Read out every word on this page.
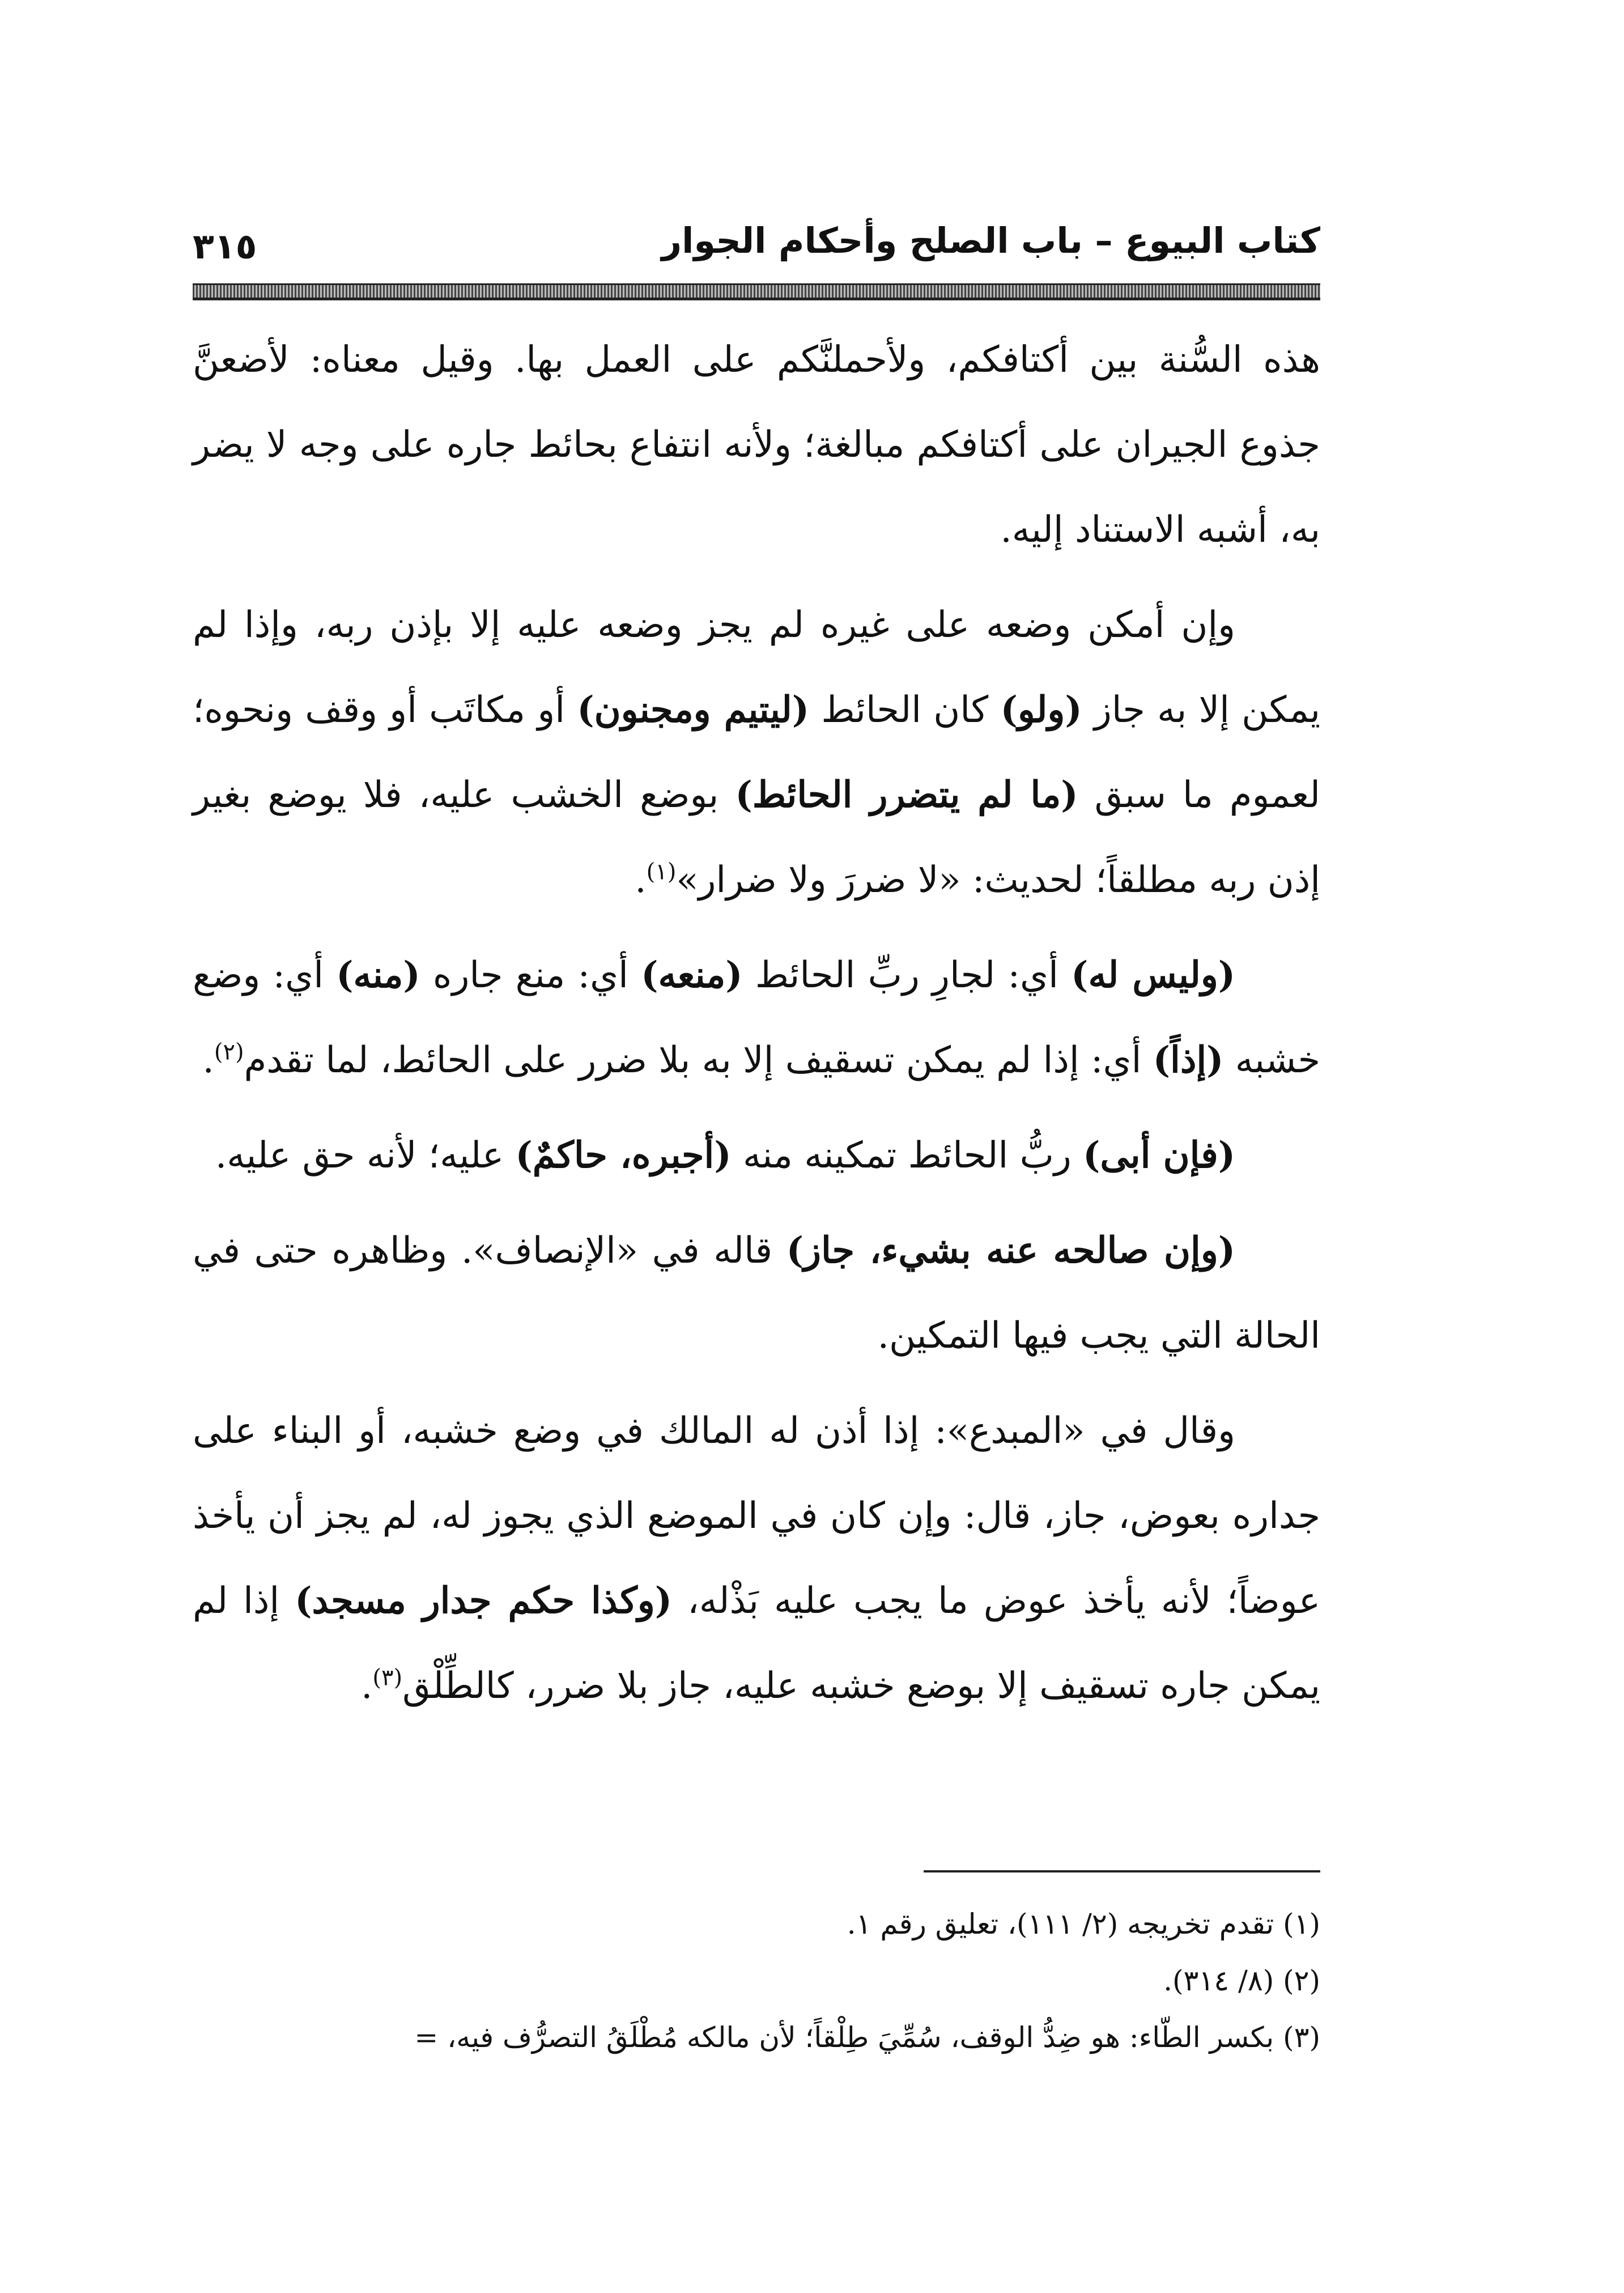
كتاب البيوع – باب الصلح وأحكام الجوار
٣١٥

هذه السُّنة بين أكتافكم، ولأحملنَّكم على العمل بها. وقيل معناه: لأضعنَّ جذوع الجيران على أكتافكم مبالغة؛ ولأنه انتفاع بحائط جاره على وجه لا يضر به، أشبه الاستناد إليه.

وإن أمكن وضعه على غيره لم يجز وضعه عليه إلا بإذن ربه، وإذا لم يمكن إلا به جاز (ولو) كان الحائط (ليتيم ومجنون) أو مكاتَب أو وقف ونحوه؛ لعموم ما سبق (ما لم يتضرر الحائط) بوضع الخشب عليه، فلا يوضع بغير إذن ربه مطلقاً؛ لحديث: «لا ضررَ ولا ضرار»$^{(١)}$.

(وليس له) أي: لجارِ ربِّ الحائط (منعه) أي: منع جاره (منه) أي: وضع خشبه (إذاً) أي: إذا لم يمكن تسقيف إلا به بلا ضرر على الحائط، لما تقدم$^{(٢)}$.

(فإن أبى) ربُّ الحائط تمكينه منه (أجبره، حاكمٌ) عليه؛ لأنه حق عليه.

(وإن صالحه عنه بشيء، جاز) قاله في «الإنصاف». وظاهره حتى في الحالة التي يجب فيها التمكين.

وقال في «المبدع»: إذا أذن له المالك في وضع خشبه، أو البناء على جداره بعوض، جاز، قال: وإن كان في الموضع الذي يجوز له، لم يجز أن يأخذ عوضاً؛ لأنه يأخذ عوض ما يجب عليه بَذْله، (وكذا حكم جدار مسجد) إذا لم يمكن جاره تسقيف إلا بوضع خشبه عليه، جاز بلا ضرر، كالطِّلْق$^{(٣)}$.

(١) تقدم تخريجه (٢/ ١١١)، تعليق رقم ١.
(٢) (٨/ ٣١٤).
(٣) بكسر الطّاء: هو ضِدُّ الوقف، سُمِّيَ طِلْقاً؛ لأن مالكه مُطْلَقُ التصرُّف فيه، =
